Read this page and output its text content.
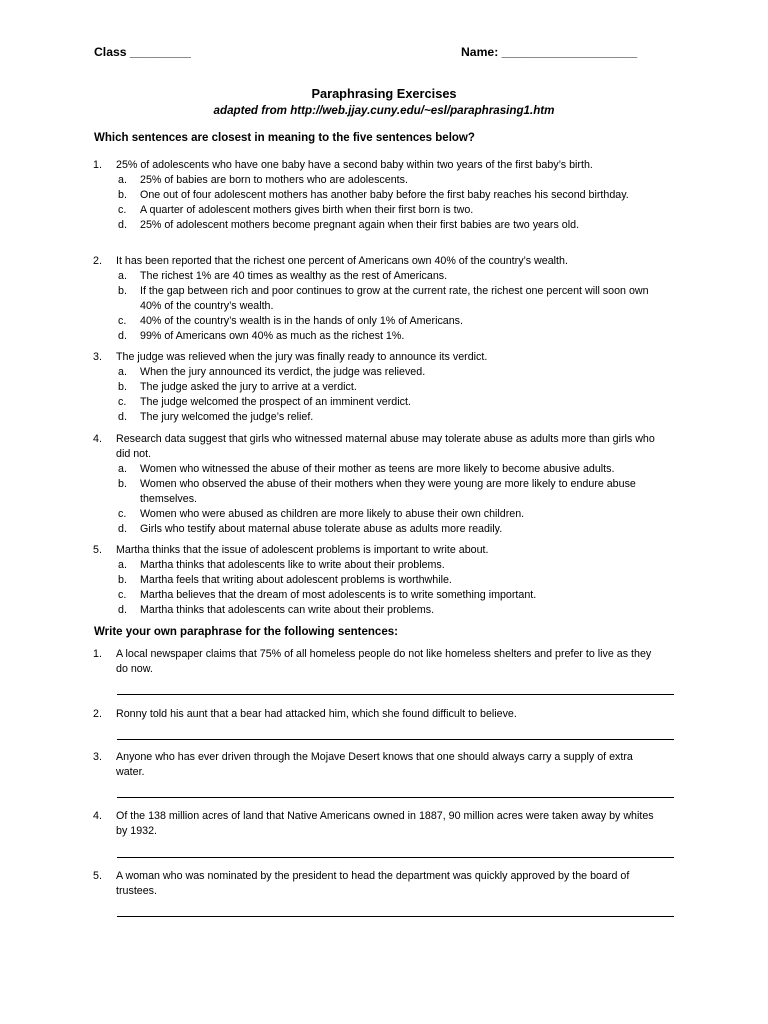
Class _________	Name: ____________________
Paraphrasing Exercises
adapted from http://web.jjay.cuny.edu/~esl/paraphrasing1.htm
Which sentences are closest in meaning to the five sentences below?
1. 25% of adolescents who have one baby have a second baby within two years of the first baby’s birth.
a. 25% of babies are born to mothers who are adolescents.
b. One out of four adolescent mothers has another baby before the first baby reaches his second birthday.
c. A quarter of adolescent mothers gives birth when their first born is two.
d. 25% of adolescent mothers become pregnant again when their first babies are two years old.
2. It has been reported that the richest one percent of Americans own 40% of the country’s wealth.
a. The richest 1% are 40 times as wealthy as the rest of Americans.
b. If the gap between rich and poor continues to grow at the current rate, the richest one percent will soon own 40% of the country’s wealth.
c. 40% of the country’s wealth is in the hands of only 1% of Americans.
d. 99% of Americans own 40% as much as the richest 1%.
3. The judge was relieved when the jury was finally ready to announce its verdict.
a. When the jury announced its verdict, the judge was relieved.
b. The judge asked the jury to arrive at a verdict.
c. The judge welcomed the prospect of an imminent verdict.
d. The jury welcomed the judge’s relief.
4. Research data suggest that girls who witnessed maternal abuse may tolerate abuse as adults more than girls who did not.
a. Women who witnessed the abuse of their mother as teens are more likely to become abusive adults.
b. Women who observed the abuse of their mothers when they were young are more likely to endure abuse themselves.
c. Women who were abused as children are more likely to abuse their own children.
d. Girls who testify about maternal abuse tolerate abuse as adults more readily.
5. Martha thinks that the issue of adolescent problems is important to write about.
a. Martha thinks that adolescents like to write about their problems.
b. Martha feels that writing about adolescent problems is worthwhile.
c. Martha believes that the dream of most adolescents is to write something important.
d. Martha thinks that adolescents can write about their problems.
Write your own paraphrase for the following sentences:
1. A local newspaper claims that 75% of all homeless people do not like homeless shelters and prefer to live as they do now.
2. Ronny told his aunt that a bear had attacked him, which she found difficult to believe.
3. Anyone who has ever driven through the Mojave Desert knows that one should always carry a supply of extra water.
4. Of the 138 million acres of land that Native Americans owned in 1887, 90 million acres were taken away by whites by 1932.
5. A woman who was nominated by the president to head the department was quickly approved by the board of trustees.
